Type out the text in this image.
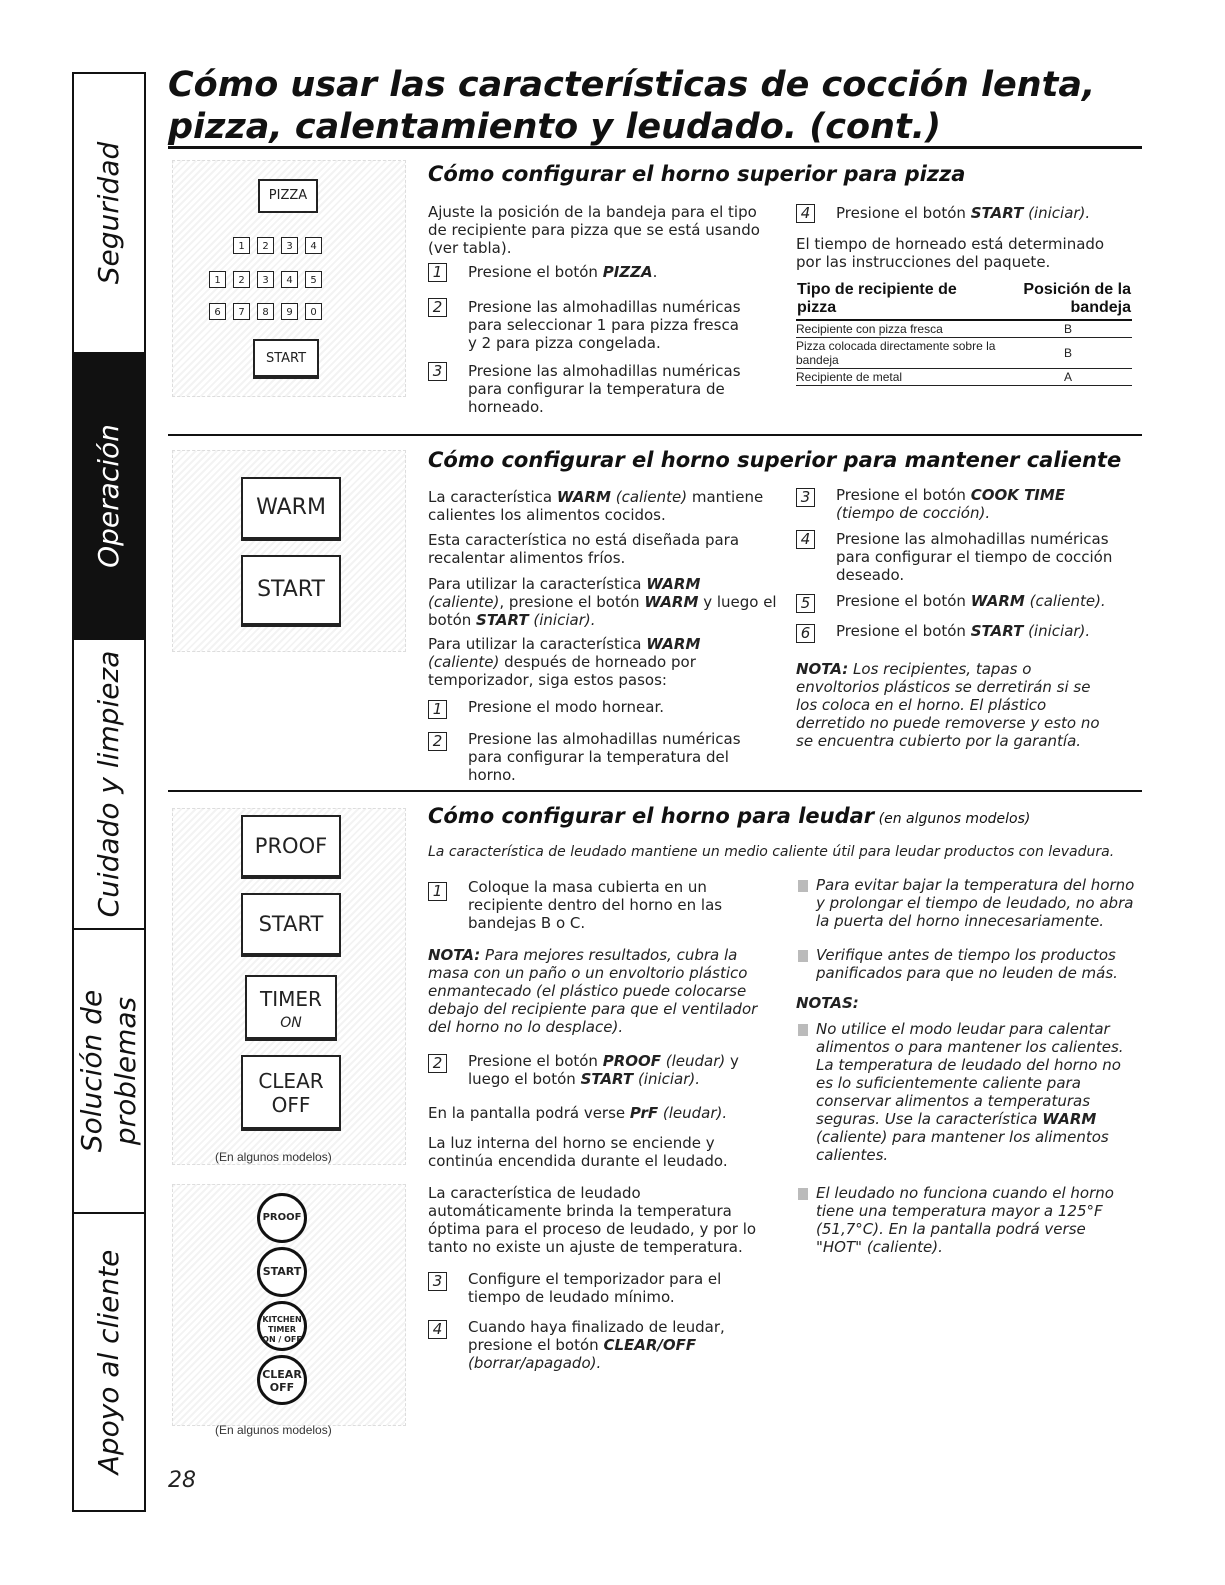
Seguridad
Operación
Cuidado y limpieza
Solución de
problemas
Apoyo al cliente
Cómo usar las características de cocción lenta,
pizza, calentamiento y leudado. (cont.)
PIZZA
1	2	3	4
1	2	3	4	5
6	7	8	9	0
START
Cómo configurar el horno superior para pizza
Ajuste la posición de la bandeja para el tipo de recipiente para pizza que se está usando (ver tabla).
1	Presione el botón PIZZA.
2	Presione las almohadillas numéricas para seleccionar 1 para pizza fresca y 2 para pizza congelada.
3	Presione las almohadillas numéricas para configurar la temperatura de horneado.
4	Presione el botón START (iniciar).
El tiempo de horneado está determinado por las instrucciones del paquete.
Tipo de recipiente de pizza	Posición de la bandeja
Recipiente con pizza fresca	B
Pizza colocada directamente sobre la bandeja	B
Recipiente de metal	A
WARM
START
Cómo configurar el horno superior para mantener caliente
La característica WARM (caliente) mantiene calientes los alimentos cocidos.
Esta característica no está diseñada para recalentar alimentos fríos.
Para utilizar la característica WARM (caliente), presione el botón WARM y luego el botón START (iniciar).
Para utilizar la característica WARM (caliente) después de horneado por temporizador, siga estos pasos:
1	Presione el modo hornear.
2	Presione las almohadillas numéricas para configurar la temperatura del horno.
3	Presione el botón COOK TIME
(tiempo de cocción).
4	Presione las almohadillas numéricas para configurar el tiempo de cocción deseado.
5	Presione el botón WARM (caliente).
6	Presione el botón START (iniciar).
NOTA: Los recipientes, tapas o envoltorios plásticos se derretirán si se los coloca en el horno. El plástico derretido no puede removerse y esto no se encuentra cubierto por la garantía.
PROOF
START
TIMER
ON
CLEAR
OFF
(En algunos modelos)
PROOF
START
KITCHEN
TIMER
ON / OFF
CLEAR
OFF
(En algunos modelos)
Cómo configurar el horno para leudar (en algunos modelos)
La característica de leudado mantiene un medio caliente útil para leudar productos con levadura.
1	Coloque la masa cubierta en un recipiente dentro del horno en las bandejas B o C.
NOTA: Para mejores resultados, cubra la masa con un paño o un envoltorio plástico enmantecado (el plástico puede colocarse debajo del recipiente para que el ventilador del horno no lo desplace).
2	Presione el botón PROOF (leudar) y luego el botón START (iniciar).
En la pantalla podrá verse PrF (leudar).
La luz interna del horno se enciende y continúa encendida durante el leudado.
La característica de leudado automáticamente brinda la temperatura óptima para el proceso de leudado, y por lo tanto no existe un ajuste de temperatura.
3	Configure el temporizador para el tiempo de leudado mínimo.
4	Cuando haya finalizado de leudar, presione el botón CLEAR/OFF
(borrar/apagado).
Para evitar bajar la temperatura del horno y prolongar el tiempo de leudado, no abra la puerta del horno innecesariamente.
Verifique antes de tiempo los productos panificados para que no leuden de más.
NOTAS:
No utilice el modo leudar para calentar alimentos o para mantener los calientes. La temperatura de leudado del horno no es lo suficientemente caliente para conservar alimentos a temperaturas seguras. Use la característica WARM (caliente) para mantener los alimentos calientes.
El leudado no funciona cuando el horno tiene una temperatura mayor a 125°F (51,7°C). En la pantalla podrá verse "HOT" (caliente).
28
